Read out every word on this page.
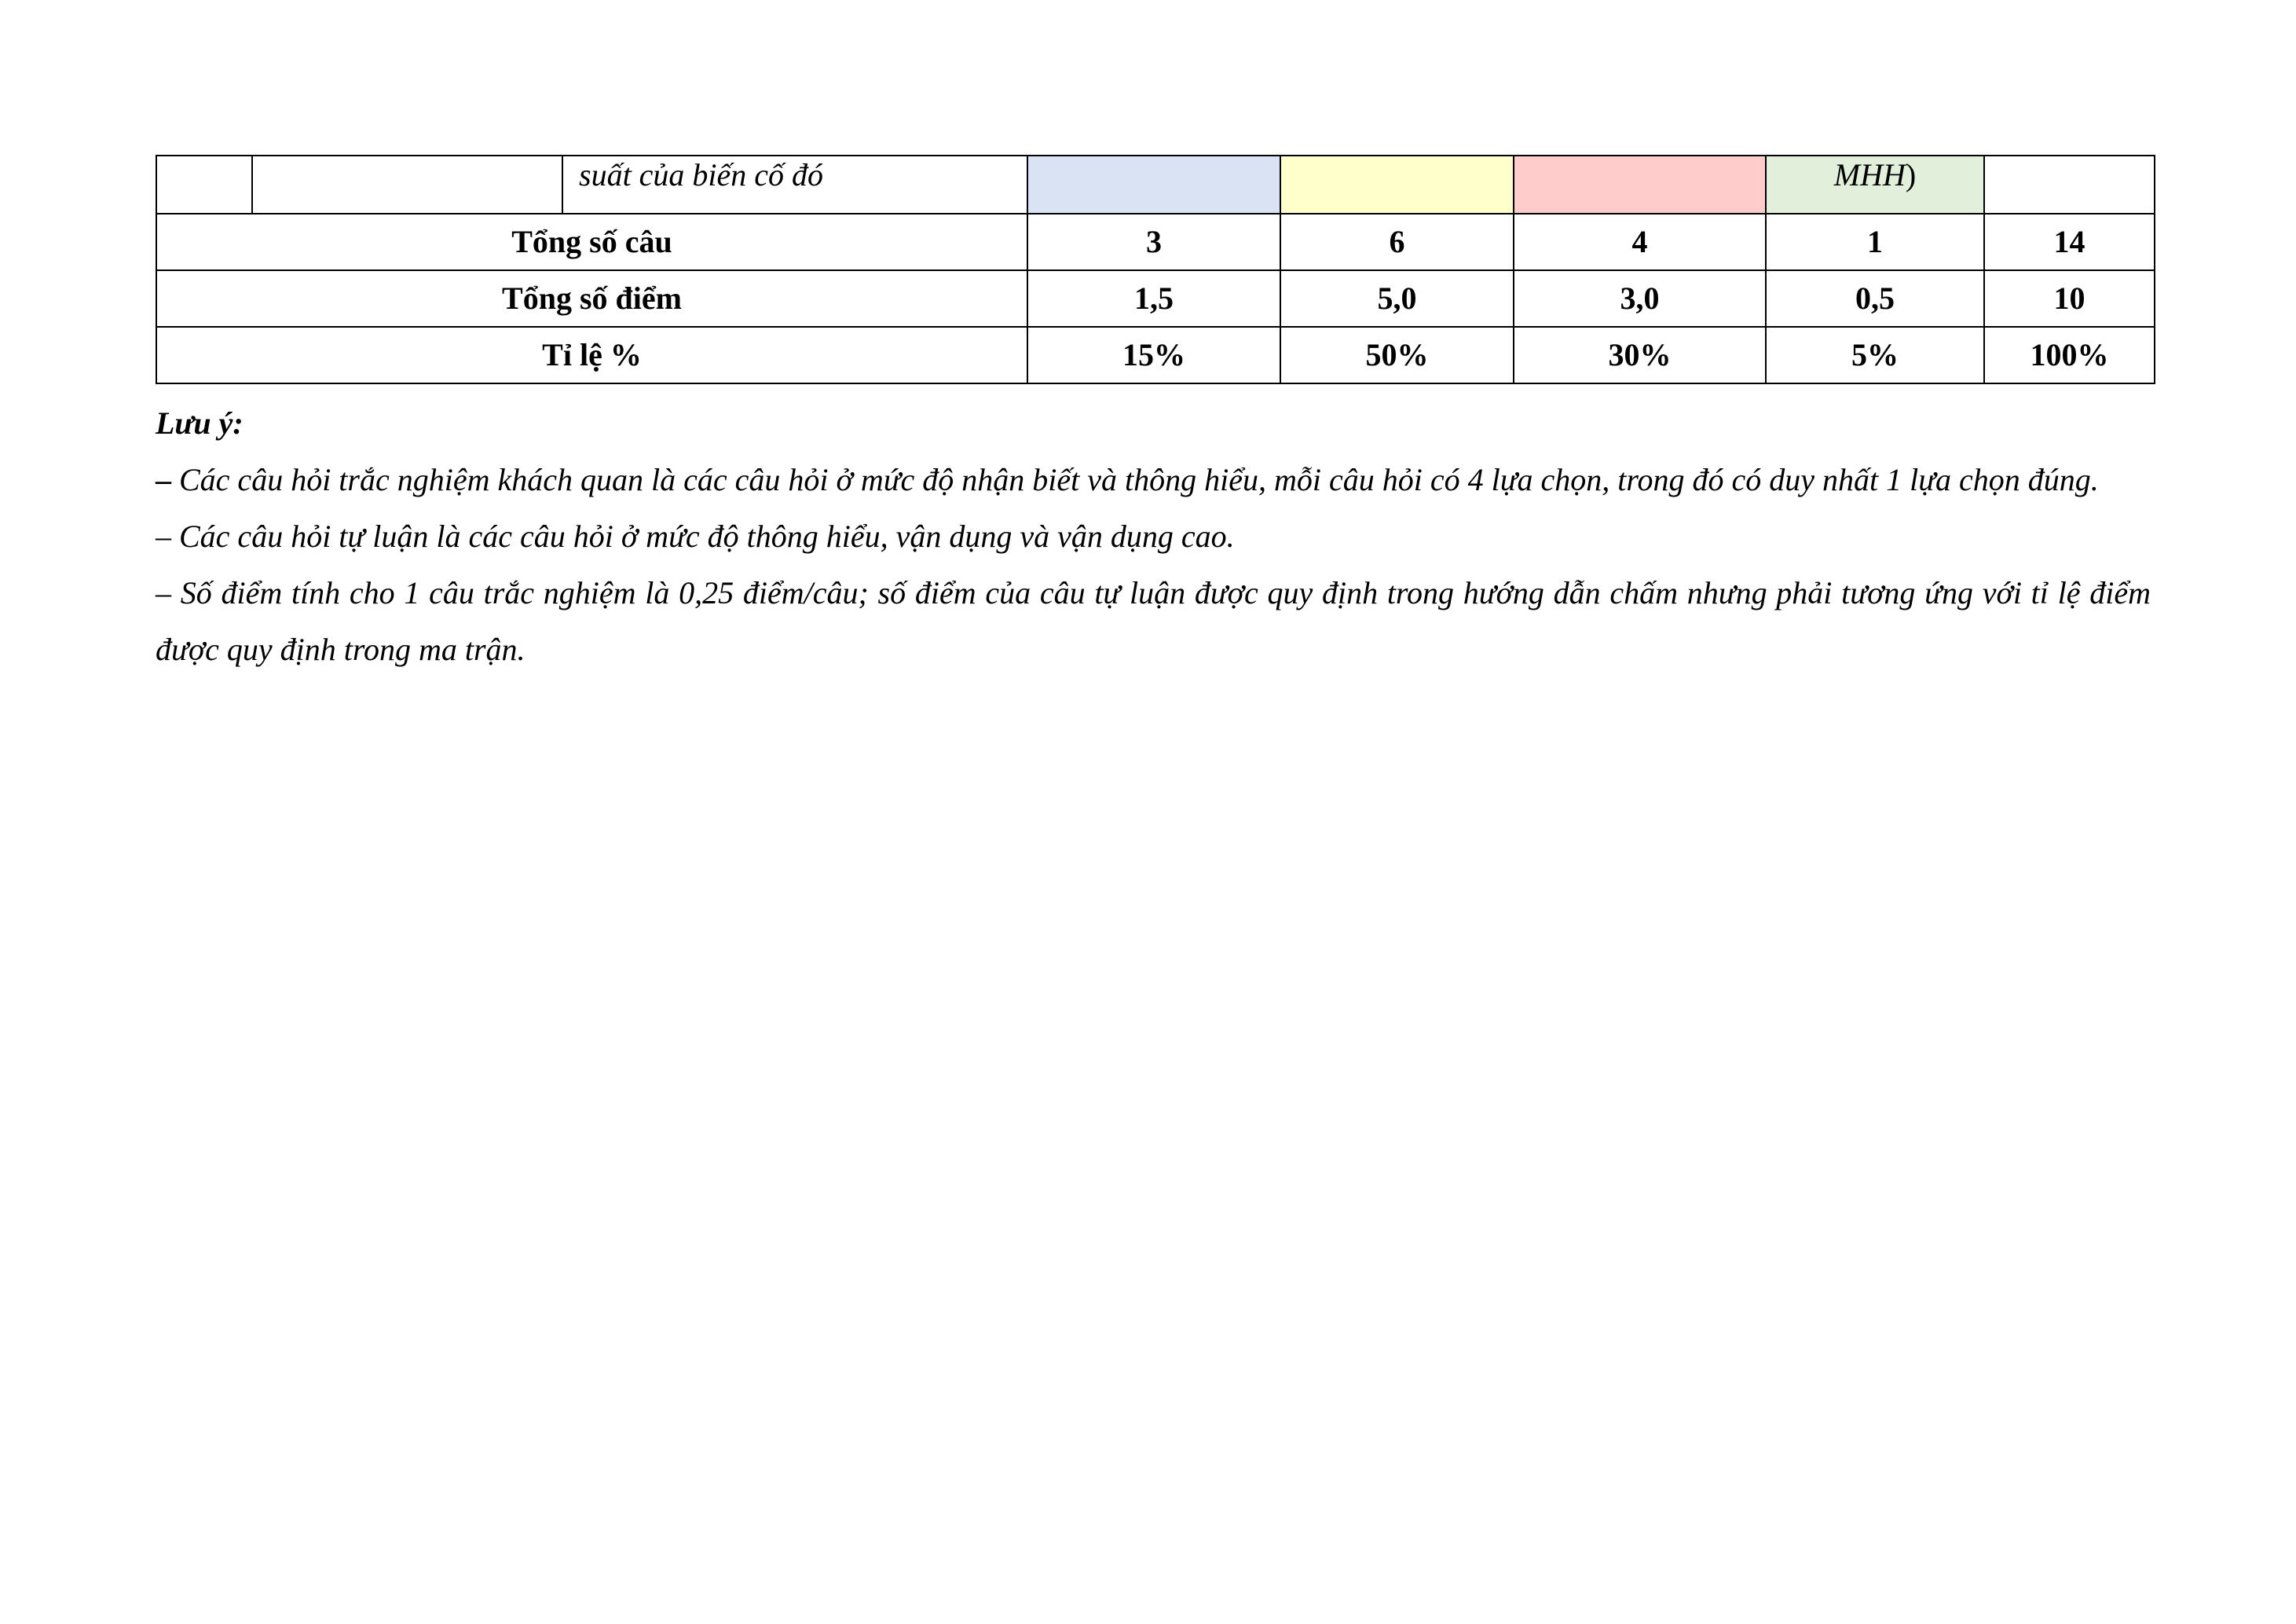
		suất của biến cố đó				MHH)	
Tổng số câu			3	6	4	1	14
Tổng số điểm			1,5	5,0	3,0	0,5	10
Tỉ lệ %			15%	50%	30%	5%	100%

Lưu ý:

– Các câu hỏi trắc nghiệm khách quan là các câu hỏi ở mức độ nhận biết và thông hiểu, mỗi câu hỏi có 4 lựa chọn, trong đó có duy nhất 1 lựa chọn đúng.

– Các câu hỏi tự luận là các câu hỏi ở mức độ thông hiểu, vận dụng và vận dụng cao.

– Số điểm tính cho 1 câu trắc nghiệm là 0,25 điểm/câu; số điểm của câu tự luận được quy định trong hướng dẫn chấm nhưng phải tương ứng với tỉ lệ điểm được quy định trong ma trận.
